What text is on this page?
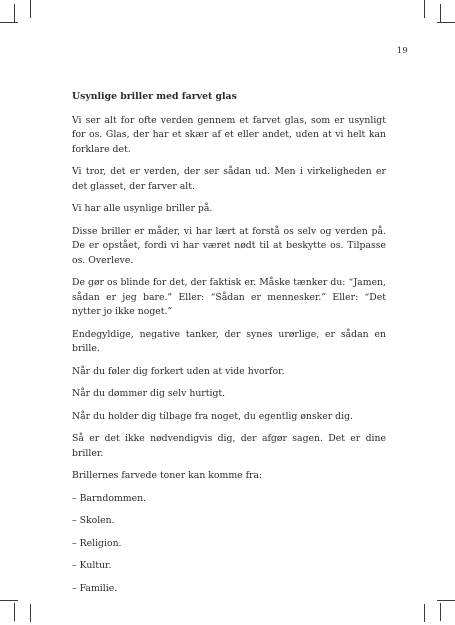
19
Usynlige briller med farvet glas

Vi ser alt for ofte verden gennem et farvet glas, som er usynligt for os. Glas, der har et skær af et eller andet, uden at vi helt kan forklare det.

Vi tror, det er verden, der ser sådan ud. Men i virkeligheden er det glasset, der farver alt.

Vi har alle usynlige briller på.

Disse briller er måder, vi har lært at forstå os selv og verden på. De er opstået, fordi vi har været nødt til at beskytte os. Tilpasse os. Overleve.

De gør os blinde for det, der faktisk er. Måske tænker du: “Jamen, sådan er jeg bare.” Eller: “Sådan er mennesker.” Eller: “Det nytter jo ikke noget.”

Endegyldige, negative tanker, der synes urørlige, er sådan en brille.

Når du føler dig forkert uden at vide hvorfor.

Når du dømmer dig selv hurtigt.

Når du holder dig tilbage fra noget, du egentlig ønsker dig.

Så er det ikke nødvendigvis dig, der afgør sagen. Det er dine briller.

Brillernes farvede toner kan komme fra:

– Barndommen.

– Skolen.

– Religion.

– Kultur.

– Familie.
